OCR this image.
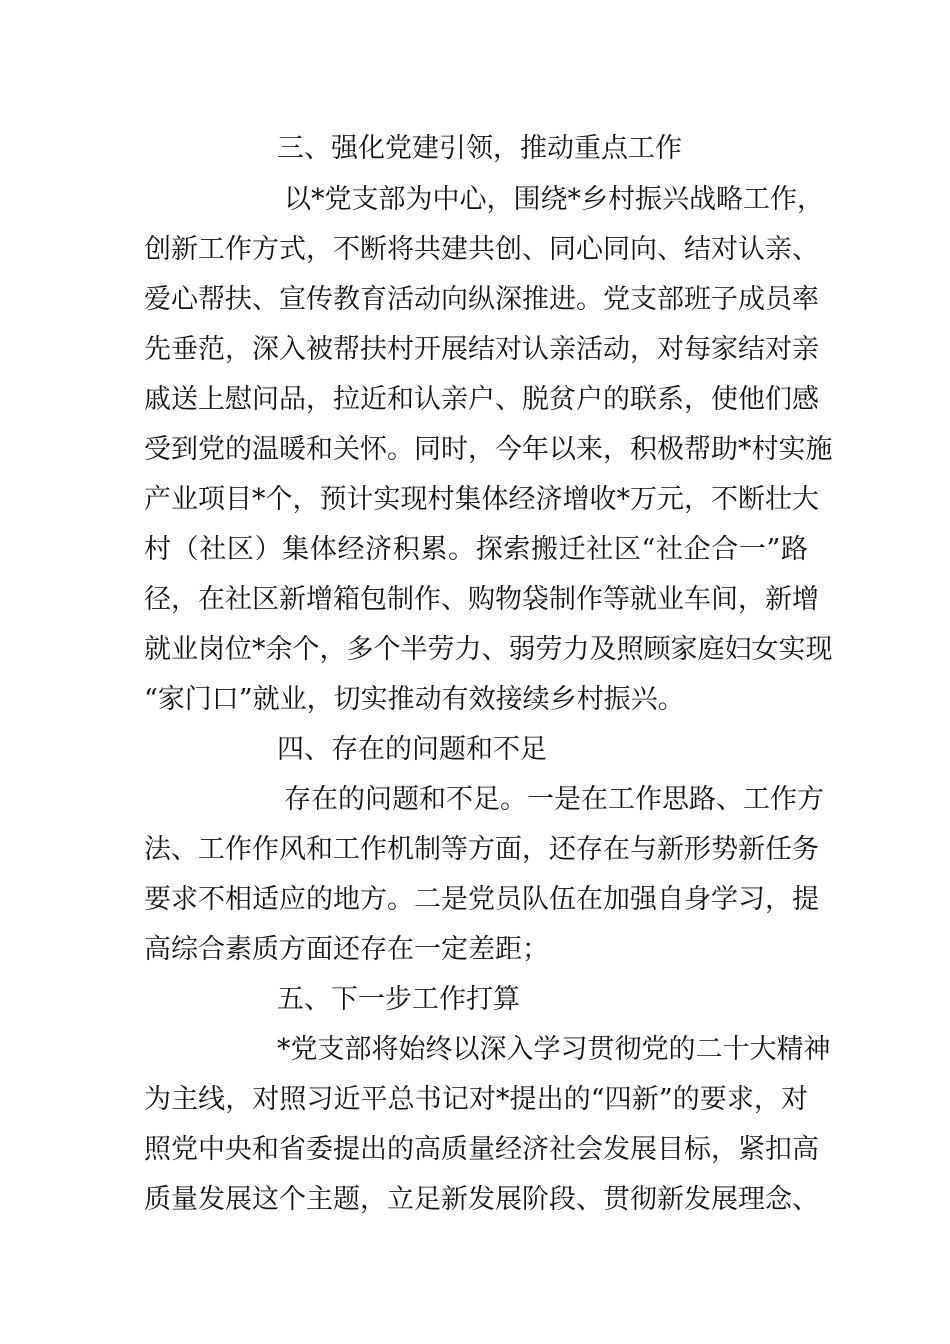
三、强化党建引领，推动重点工作
以*党支部为中心，围绕*乡村振兴战略工作，
创新工作方式，不断将共建共创、同心同向、结对认亲、
爱心帮扶、宣传教育活动向纵深推进。党支部班子成员率
先垂范，深入被帮扶村开展结对认亲活动，对每家结对亲
戚送上慰问品，拉近和认亲户、脱贫户的联系，使他们感
受到党的温暖和关怀。同时，今年以来，积极帮助*村实施
产业项目*个，预计实现村集体经济增收*万元，不断壮大
村（社区）集体经济积累。探索搬迁社区“社企合一”路
径，在社区新增箱包制作、购物袋制作等就业车间，新增
就业岗位*余个，多个半劳力、弱劳力及照顾家庭妇女实现
“家门口”就业，切实推动有效接续乡村振兴。
四、存在的问题和不足
存在的问题和不足。一是在工作思路、工作方
法、工作作风和工作机制等方面，还存在与新形势新任务
要求不相适应的地方。二是党员队伍在加强自身学习，提
高综合素质方面还存在一定差距；
五、下一步工作打算
*党支部将始终以深入学习贯彻党的二十大精神
为主线，对照习近平总书记对*提出的“四新”的要求，对
照党中央和省委提出的高质量经济社会发展目标，紧扣高
质量发展这个主题，立足新发展阶段、贯彻新发展理念、
